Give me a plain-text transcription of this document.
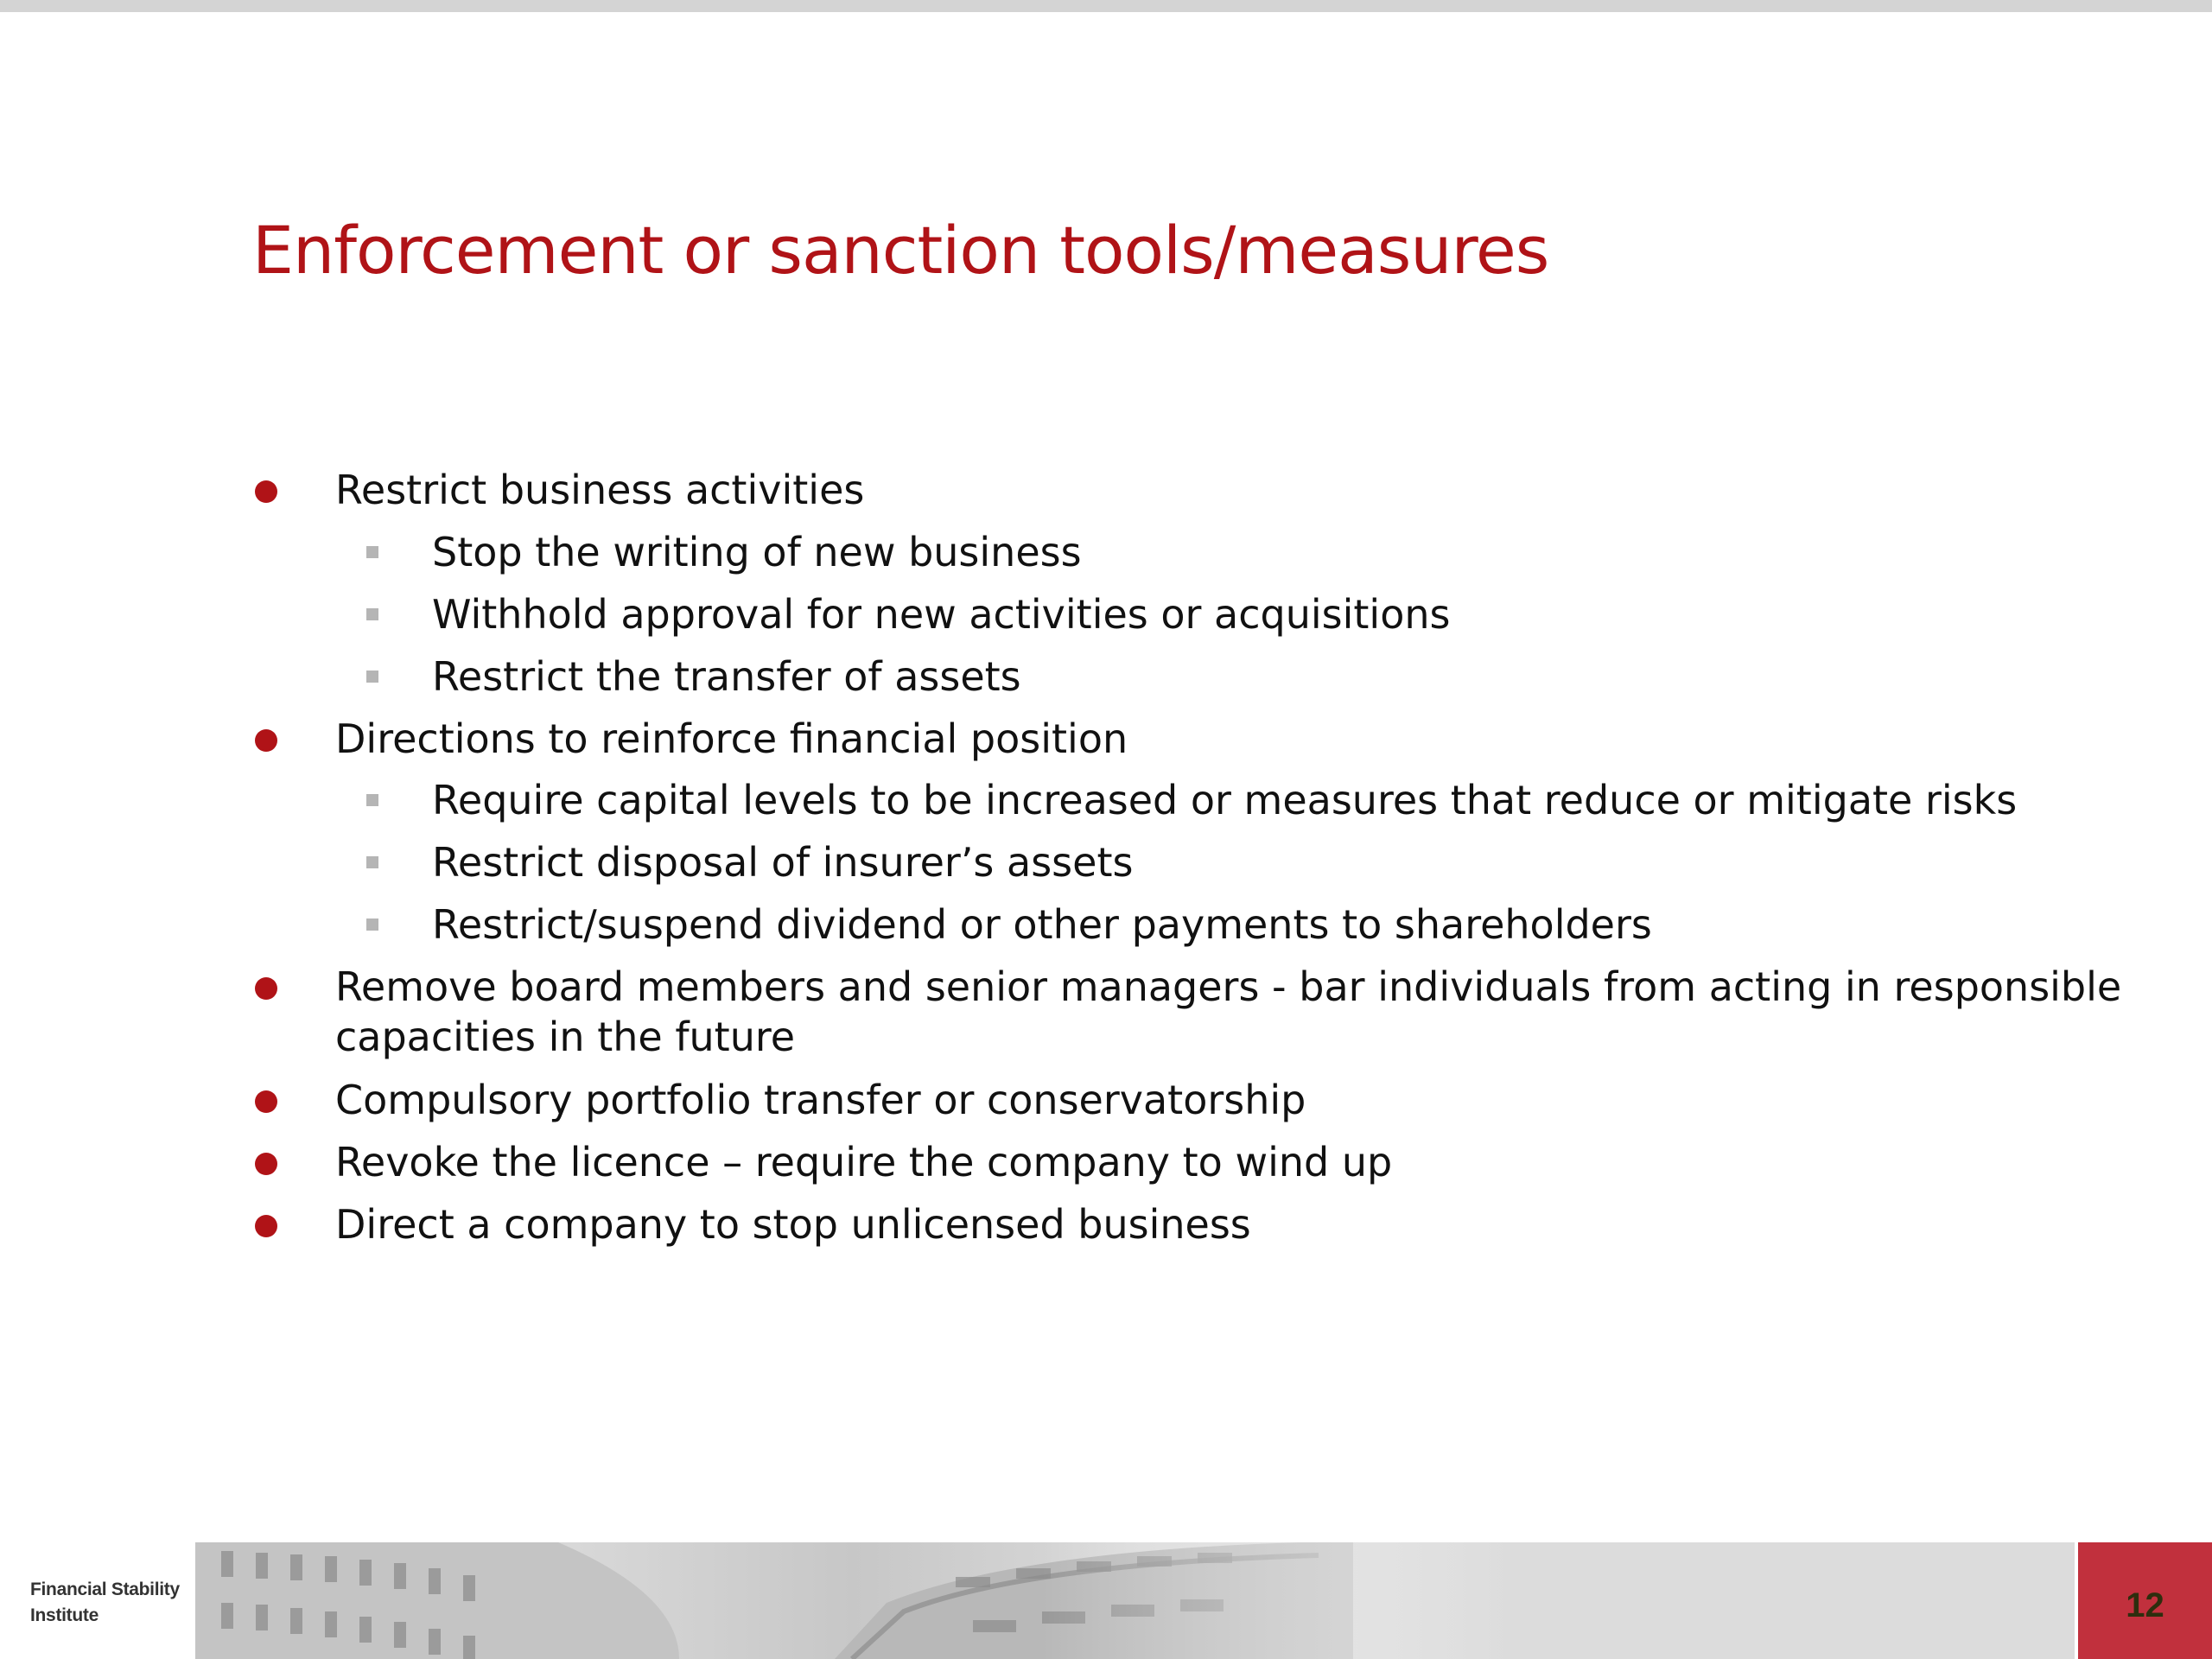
Enforcement or sanction tools/measures
Restrict business activities
Stop the writing of new business
Withhold approval for new activities or acquisitions
Restrict the transfer of assets
Directions to reinforce financial position
Require capital levels to be increased or measures that reduce or mitigate risks
Restrict disposal of insurer’s assets
Restrict/suspend dividend or other payments to shareholders
Remove board members and senior managers - bar individuals from acting in responsible capacities in the future
Compulsory portfolio transfer or conservatorship
Revoke the licence – require the company to wind up
Direct a company to stop unlicensed business
Financial Stability
Institute	12
